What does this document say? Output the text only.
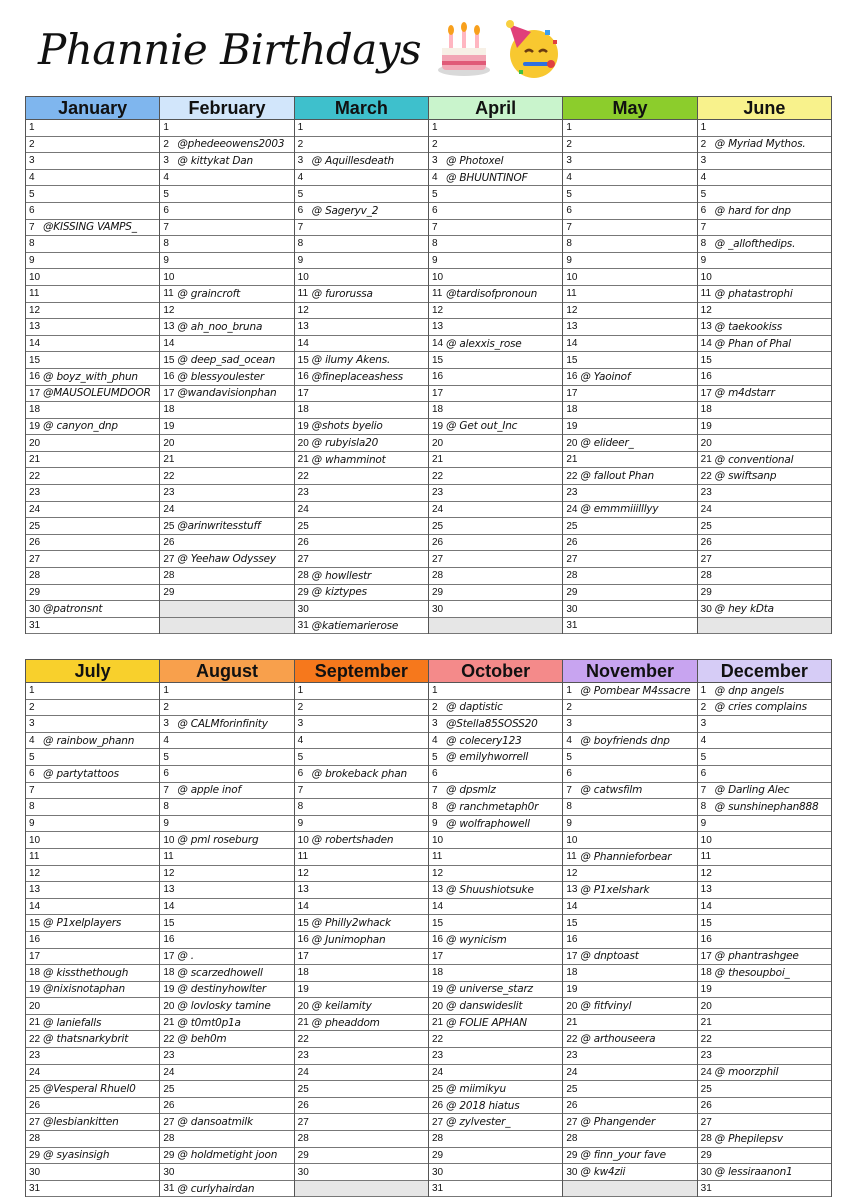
Phannie Birthdays
January
1
2
3
4
5
6
7 @KISSING VAMPS_
8
9
10
11
12
13
14
15
16 @ boyz_with_phun
17 @MAUSOLEUMDOOR
18
19 @ canyon_dnp
20
21
22
23
24
25
26
27
28
29
30 @patronsnt
31
February
1
2 @phedeeowens2003
3 @ kittykat Dan
4
5
6
7
8
9
10
11 @ graincroft
12
13 @ ah_noo_bruna
14
15 @ deep_sad_ocean
16 @ blessyoulester
17 @wandavisionphan
18
19
20
21
22
23
24
25 @arinwritesstuff
26
27 @ Yeehaw Odyssey
28
29
March
1
2
3 @ Aquillesdeath
4
5
6 @ Sageryv_2
7
8
9
10
11 @ furorussa
12
13
14
15 @ ilumy Akens.
16 @fineplaceashess
17
18
19 @shots byelio
20 @ rubyisla20
21 @ whamminot
22
23
24
25
26
27
28 @ howllestr
29 @ kiztypes
30
31 @katiemarierose
April
1
2
3 @ Photoxel
4 @ BHUUNTINOF
5
6
7
8
9
10
11 @tardisofpronoun
12
13
14 @ alexxis_rose
15
16
17
18
19 @ Get out_Inc
20
21
22
23
24
25
26
27
28
29
30
May
1
2
3
4
5
6
7
8
9
10
11
12
13
14
15
16 @ Yaoinof
17
18
19
20 @ elideer_
21
22 @ fallout Phan
23
24 @ emmmiiilllyy
25
26
27
28
29
30
31
June
1
2 @ Myriad Mythos.
3
4
5
6 @ hard for dnp
7
8 @ _allofthedips.
9
10
11 @ phatastrophi
12
13 @ taekookiss
14 @ Phan of Phal
15
16
17 @ m4dstarr
18
19
20
21 @ conventional
22 @ swiftsanp
23
24
25
26
27
28
29
30 @ hey kDta
July
1
2
3
4 @ rainbow_phann
5
6 @ partytattoos
7
8
9
10
11
12
13
14
15 @ P1xelplayers
16
17
18 @ kissthethough
19 @nixisnotaphan
20
21 @ laniefalls
22 @ thatsnarkybrit
23
24
25 @Vesperal Rhuel0
26
27 @lesbiankitten
28
29 @ syasinsigh
30
31
August
1
2
3 @ CALMforinfinity
4
5
6
7 @ apple inof
8
9
10 @ pml roseburg
11
12
13
14
15
16
17 @ .
18 @ scarzedhowell
19 @ destinyhowlter
20 @ lovlosky tamine
21 @ t0mt0p1a
22 @ beh0m
23
24
25
26
27 @ dansoatmilk
28
29 @ holdmetight joon
30
31 @ curlyhairdan
September
1
2
3
4
5
6 @ brokeback phan
7
8
9
10 @ robertshaden
11
12
13
14
15 @ Philly2whack
16 @ Junimophan
17
18
19
20 @ keilamity
21 @ pheaddom
22
23
24
25
26
27
28
29
30
October
1
2 @ daptistic
3 @Stella85SOSS20
4 @ colecery123
5 @ emilyhworrell
6
7 @ dpsmlz
8 @ ranchmetaph0r
9 @ wolfraphowell
10
11
12
13 @ Shuushiotsuke
14
15
16 @ wynicism
17
18
19 @ universe_starz
20 @ danswideslit
21 @ FOLIE APHAN
22
23
24
25 @ miimikyu
26 @ 2018 hiatus
27 @ zylvester_
28
29
30
31
November
1 @ Pombear M4ssacre
2
3
4 @ boyfriends dnp
5
6
7 @ catwsfilm
8
9
10
11 @ Phannieforbear
12
13 @ P1xelshark
14
15
16
17 @ dnptoast
18
19
20 @ fitfvinyl
21
22 @ arthouseera
23
24
25
26
27 @ Phangender
28
29 @ finn_your fave
30 @ kw4zii
December
1 @ dnp angels
2 @ cries complains
3
4
5
6
7 @ Darling Alec
8 @ sunshinephan888
9
10
11
12
13
14
15
16
17 @ phantrashgee
18 @ thesoupboi_
19
20
21
22
23
24 @ moorzphil
25
26
27
28 @ Phepilepsv
29
30 @ lessiraanon1
31
